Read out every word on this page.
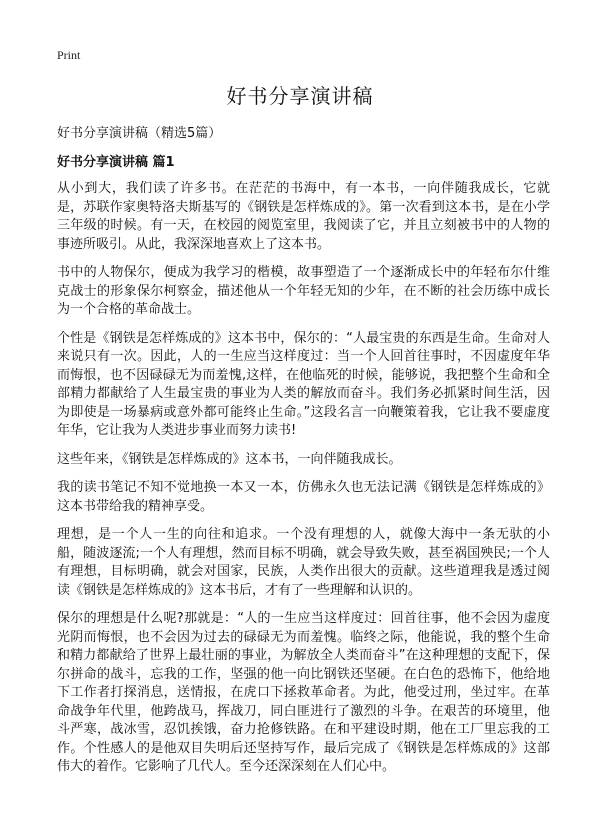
Print
好书分享演讲稿
好书分享演讲稿（精选5篇）
好书分享演讲稿 篇1

从小到大，我们读了许多书。在茫茫的书海中，有一本书，一向伴随我成长，它就是，苏联作家奥特洛夫斯基写的《钢铁是怎样炼成的》。第一次看到这本书，是在小学三年级的时候。有一天，在校园的阅览室里，我阅读了它，并且立刻被书中的人物的事迹所吸引。从此，我深深地喜欢上了这本书。

书中的人物保尔，便成为我学习的楷模，故事塑造了一个逐渐成长中的年轻布尔什维克战士的形象保尔柯察金，描述他从一个年轻无知的少年，在不断的社会历练中成长为一个合格的革命战士。

个性是《钢铁是怎样炼成的》这本书中，保尔的：“人最宝贵的东西是生命。生命对人来说只有一次。因此，人的一生应当这样度过：当一个人回首往事时，不因虚度年华而悔恨，也不因碌碌无为而羞愧,这样，在他临死的时候，能够说，我把整个生命和全部精力都献给了人生最宝贵的事业为人类的解放而奋斗。我们务必抓紧时间生活，因为即使是一场暴病或意外都可能终止生命。”这段名言一向鞭策着我，它让我不要虚度年华，它让我为人类进步事业而努力读书!

这些年来，《钢铁是怎样炼成的》这本书，一向伴随我成长。

我的读书笔记不知不觉地换一本又一本，仿佛永久也无法记满《钢铁是怎样炼成的》这本书带给我的精神享受。

理想，是一个人一生的向往和追求。一个没有理想的人，就像大海中一条无驮的小船，随波逐流;一个人有理想，然而目标不明确，就会导致失败，甚至祸国殃民;一个人有理想，目标明确，就会对国家，民族，人类作出很大的贡献。这些道理我是透过阅读《钢铁是怎样炼成的》这本书后，才有了一些理解和认识的。

保尔的理想是什么呢?那就是：“人的一生应当这样度过：回首往事，他不会因为虚度光阴而悔恨，也不会因为过去的碌碌无为而羞愧。临终之际，他能说，我的整个生命和精力都献给了世界上最壮丽的事业，为解放全人类而奋斗”在这种理想的支配下，保尔拼命的战斗，忘我的工作，坚强的他一向比钢铁还坚硬。在白色的恐怖下，他给地下工作者打探消息，送情报，在虎口下拯救革命者。为此，他受过刑，坐过牢。在革命战争年代里，他跨战马，挥战刀，同白匪进行了激烈的斗争。在艰苦的环境里，他斗严寒，战冰雪，忍饥挨饿，奋力抢修铁路。在和平建设时期，他在工厂里忘我的工作。个性感人的是他双目失明后还坚持写作，最后完成了《钢铁是怎样炼成的》这部伟大的着作。它影响了几代人。至今还深深刻在人们心中。
